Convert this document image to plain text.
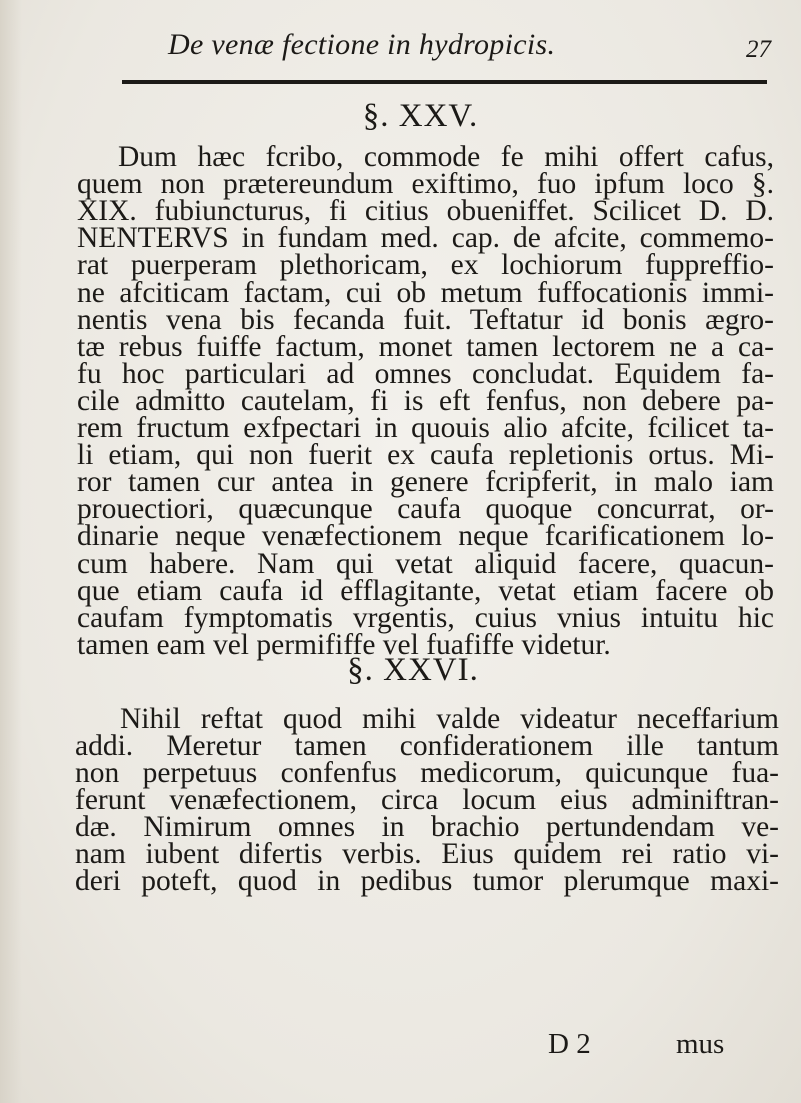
De venæ fectione in hydropicis.	27
§. XXV.
Dum hæc fcribo, commode fe mihi offert cafus,
quem non prætereundum exiftimo, fuo ipfum loco §.
XIX. fubiuncturus, fi citius obueniffet. Scilicet D. D.
NENTERVS in fundam med. cap. de afcite, commemo-
rat puerperam plethoricam, ex lochiorum fuppreffio-
ne afciticam factam, cui ob metum fuffocationis immi-
nentis vena bis fecanda fuit. Teftatur id bonis ægro-
tæ rebus fuiffe factum, monet tamen lectorem ne a ca-
fu hoc particulari ad omnes concludat. Equidem fa-
cile admitto cautelam, fi is eft fenfus, non debere pa-
rem fructum exfpectari in quouis alio afcite, fcilicet ta-
li etiam, qui non fuerit ex caufa repletionis ortus. Mi-
ror tamen cur antea in genere fcripferit, in malo iam
prouectiori, quæcunque caufa quoque concurrat, or-
dinarie neque venæfectionem neque fcarificationem lo-
cum habere. Nam qui vetat aliquid facere, quacun-
que etiam caufa id efflagitante, vetat etiam facere ob
caufam fymptomatis vrgentis, cuius vnius intuitu hic
tamen eam vel permififfe vel fuafiffe videtur.
§. XXVI.
Nihil reftat quod mihi valde videatur neceffarium
addi. Meretur tamen confiderationem ille tantum
non perpetuus confenfus medicorum, quicunque fua-
ferunt venæfectionem, circa locum eius adminiftran-
dæ. Nimirum omnes in brachio pertundendam ve-
nam iubent difertis verbis. Eius quidem rei ratio vi-
deri poteft, quod in pedibus tumor plerumque maxi-
D 2	mus
